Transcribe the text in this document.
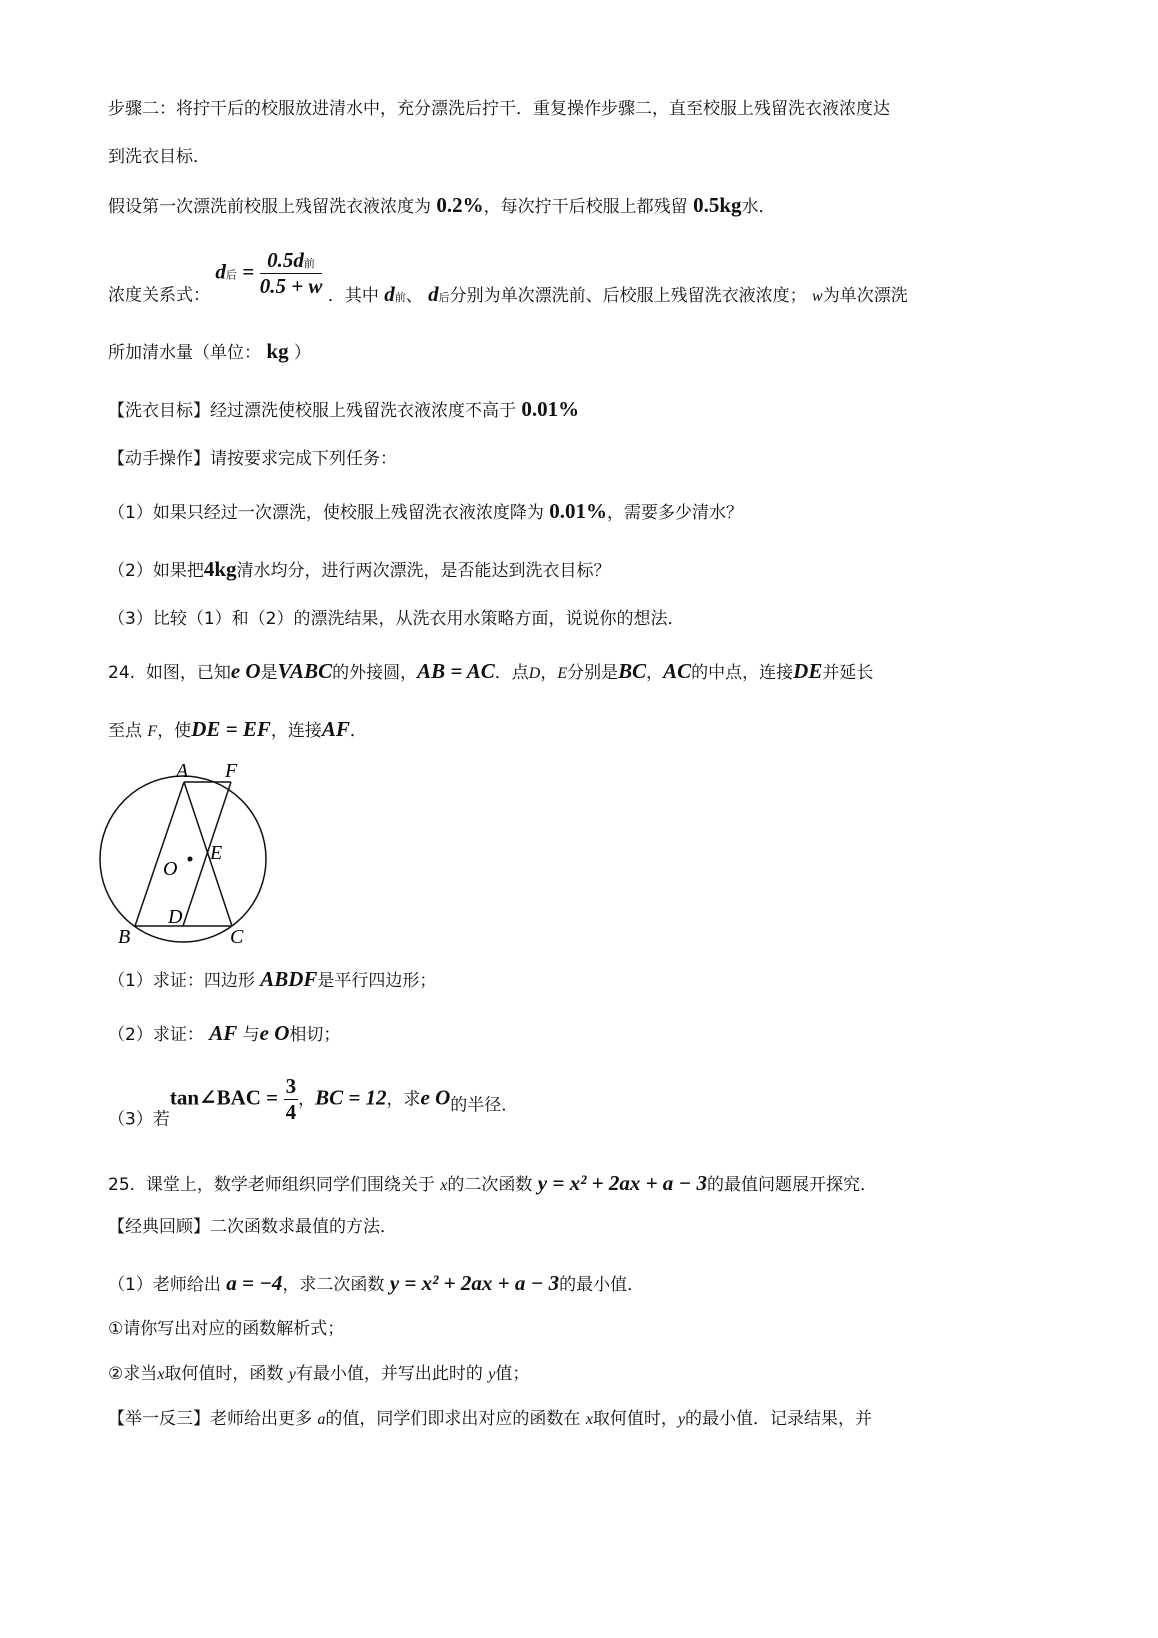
步骤二：将拧干后的校服放进清水中，充分漂洗后拧干．重复操作步骤二，直至校服上残留洗衣液浓度达
到洗衣目标．
假设第一次漂洗前校服上残留洗衣液浓度为 0.2%，每次拧干后校服上都残留 0.5kg水．
浓度关系式： d后 = $\frac{\text{0.5d前}}{0.5 + w}$ ．其中 d前、 d后分别为单次漂洗前、后校服上残留洗衣液浓度； w为单次漂洗
所加清水量（单位： kg ）
【洗衣目标】经过漂洗使校服上残留洗衣液浓度不高于 0.01%
【动手操作】请按要求完成下列任务：
（1）如果只经过一次漂洗，使校服上残留洗衣液浓度降为 0.01%，需要多少清水？
（2）如果把4kg清水均分，进行两次漂洗，是否能达到洗衣目标？
（3）比较（1）和（2）的漂洗结果，从洗衣用水策略方面，说说你的想法．
24. 如图，已知e O是VABC的外接圆，AB = AC．点D，E分别是BC，AC的中点，连接DE并延长
至点 F，使DE = EF，连接AF．
A F
E
O
D
B	C
（1）求证：四边形 ABDF是平行四边形；
（2）求证： AF 与e O相切；
（3）若tan∠BAC = $\frac{3}{4}$ ，BC = 12，求e O的半径．
25. 课堂上，数学老师组织同学们围绕关于 x的二次函数 y = x² + 2ax + a − 3的最值问题展开探究．
【经典回顾】二次函数求最值的方法．
（1）老师给出 a = −4，求二次函数 y = x² + 2ax + a − 3的最小值．
①请你写出对应的函数解析式；
②求当x取何值时，函数 y有最小值，并写出此时的 y值；
【举一反三】老师给出更多 a的值，同学们即求出对应的函数在 x取何值时，y的最小值．记录结果，并
